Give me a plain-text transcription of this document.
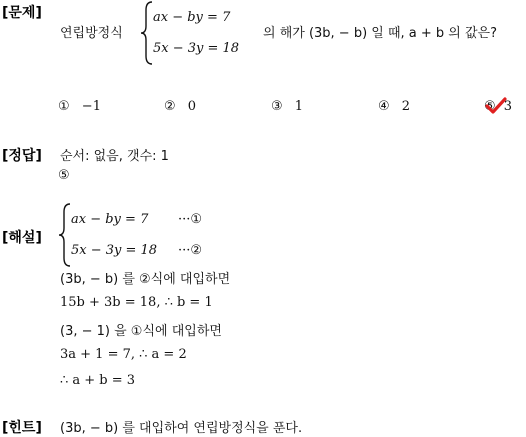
[문제]
연립방정식
ax − by = 7
5x − 3y = 18
의 해가 (3b, − b) 일 때, a + b 의 값은?
① −1	② 0	③ 1	④ 2	⑤ 3
[정답] 순서: 없음, 갯수: 1
⑤
[해설]
ax − by = 7 ···①
5x − 3y = 18 ···②
(3b, − b) 를 ②식에 대입하면
15b + 3b = 18, ∴ b = 1
(3, − 1) 을 ①식에 대입하면
3a + 1 = 7, ∴ a = 2
∴ a + b = 3
[힌트] (3b, − b) 를 대입하여 연립방정식을 푼다.
